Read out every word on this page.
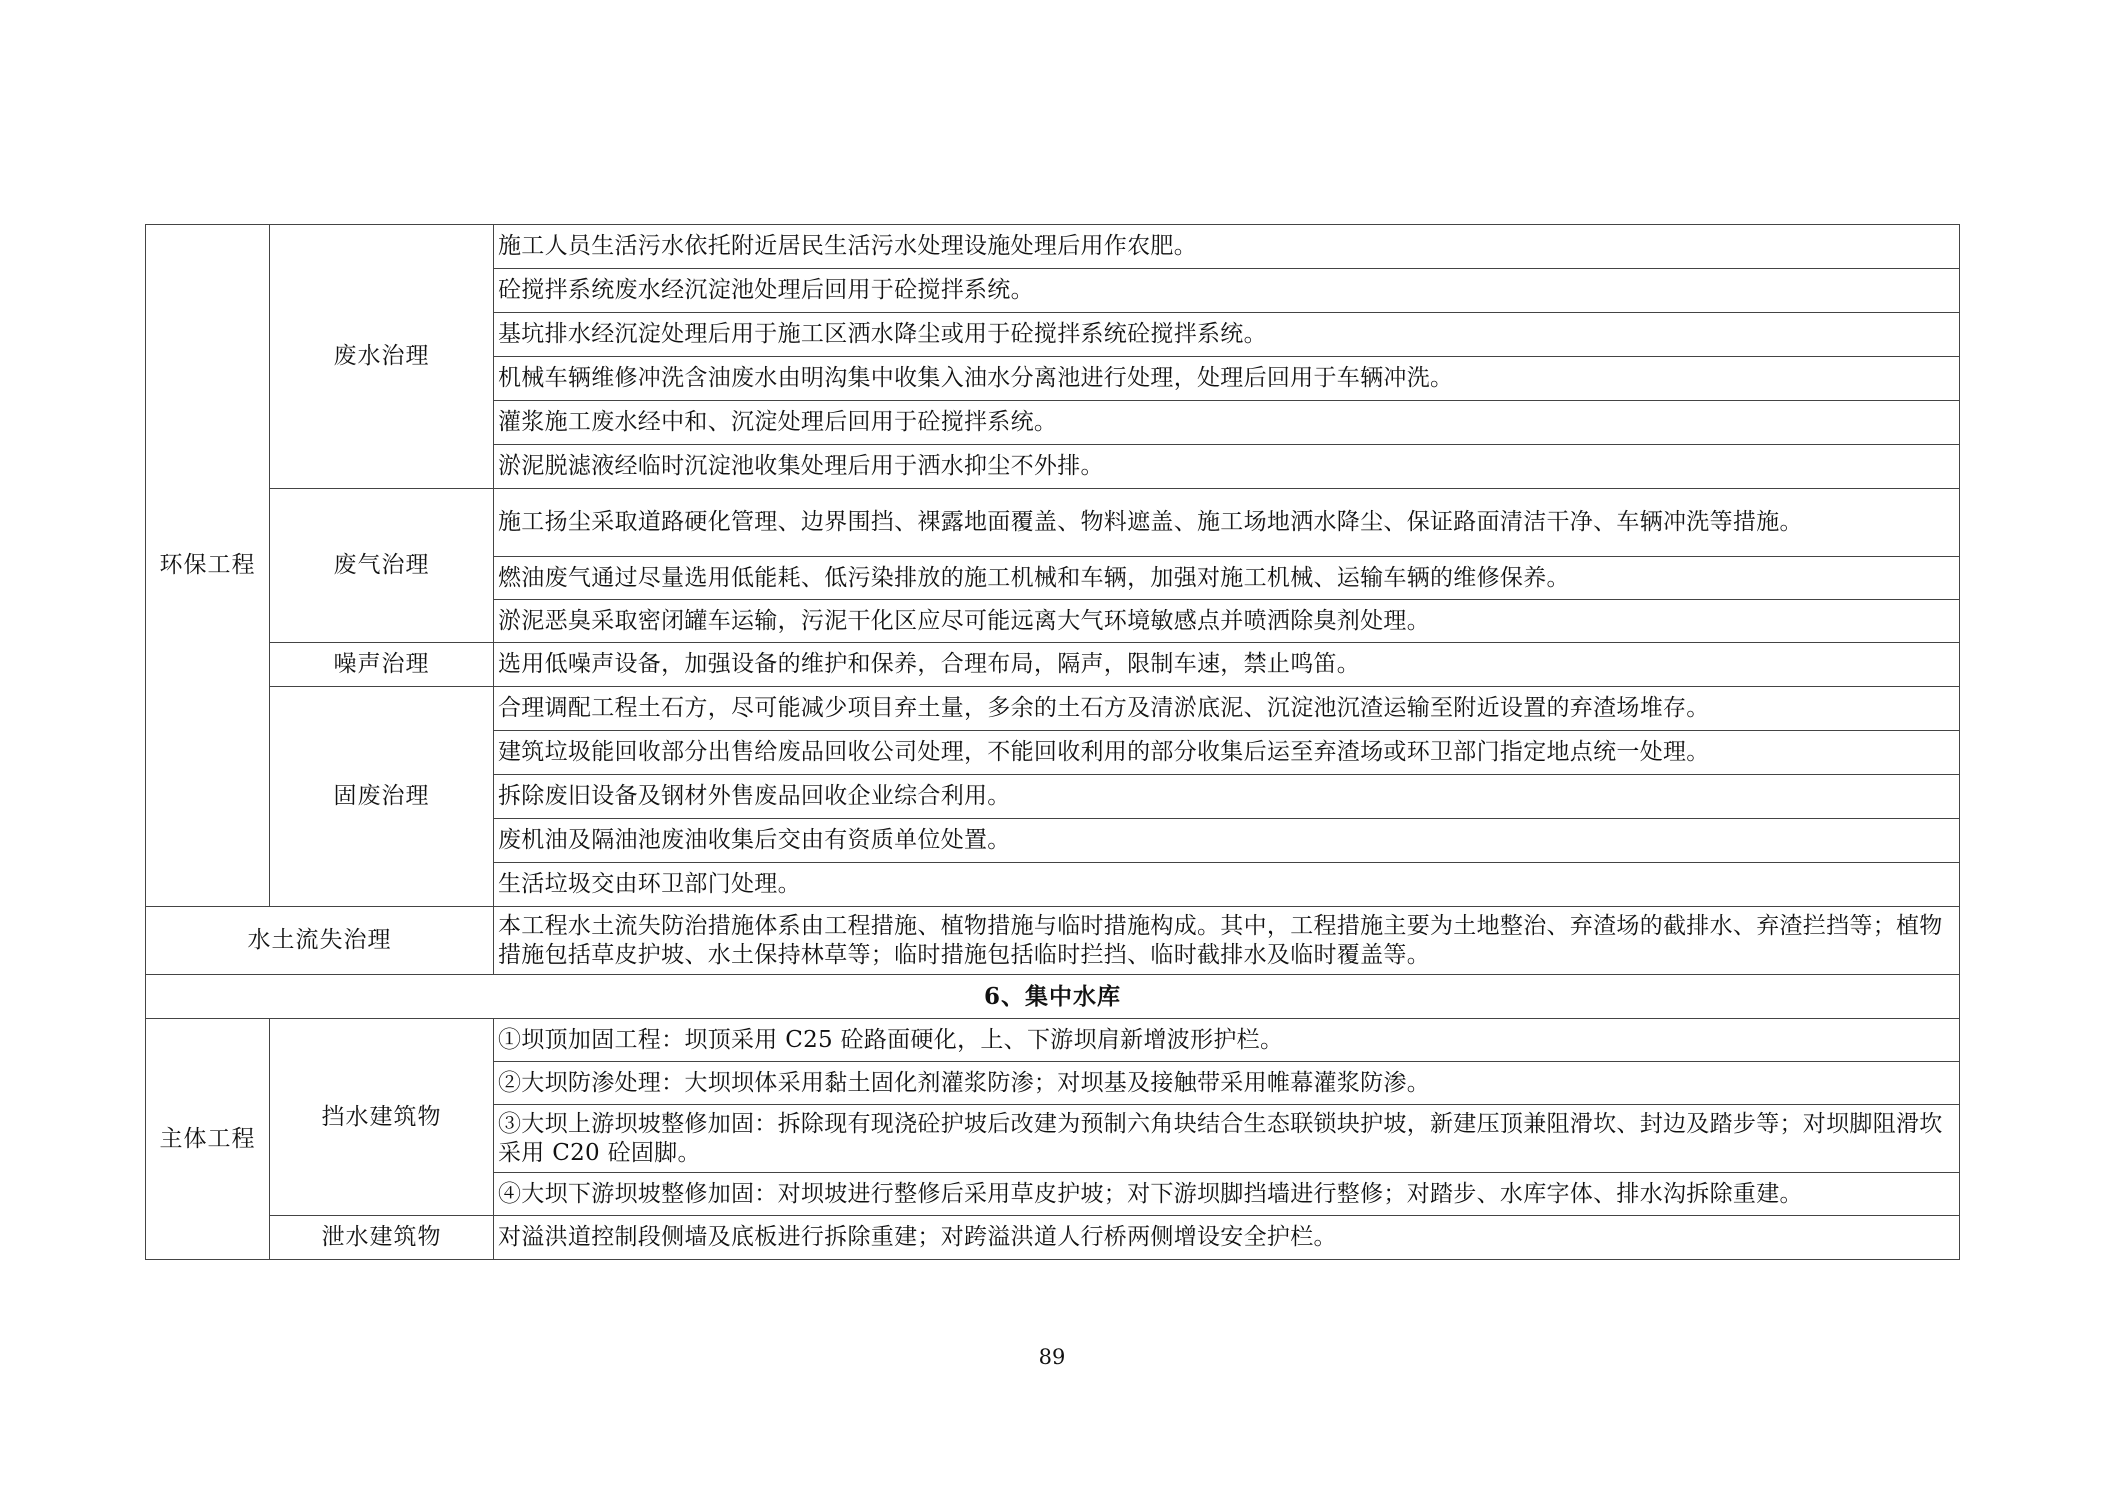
环保工程	废水治理	施工人员生活污水依托附近居民生活污水处理设施处理后用作农肥。
		砼搅拌系统废水经沉淀池处理后回用于砼搅拌系统。
		基坑排水经沉淀处理后用于施工区洒水降尘或用于砼搅拌系统砼搅拌系统。
		机械车辆维修冲洗含油废水由明沟集中收集入油水分离池进行处理，处理后回用于车辆冲洗。
		灌浆施工废水经中和、沉淀处理后回用于砼搅拌系统。
		淤泥脱滤液经临时沉淀池收集处理后用于洒水抑尘不外排。
	废气治理	施工扬尘采取道路硬化管理、边界围挡、裸露地面覆盖、物料遮盖、施工场地洒水降尘、保证路面清洁干净、车辆冲洗等措施。
		燃油废气通过尽量选用低能耗、低污染排放的施工机械和车辆，加强对施工机械、运输车辆的维修保养。
		淤泥恶臭采取密闭罐车运输，污泥干化区应尽可能远离大气环境敏感点并喷洒除臭剂处理。
	噪声治理	选用低噪声设备，加强设备的维护和保养，合理布局，隔声，限制车速，禁止鸣笛。
	固废治理	合理调配工程土石方，尽可能减少项目弃土量，多余的土石方及清淤底泥、沉淀池沉渣运输至附近设置的弃渣场堆存。
		建筑垃圾能回收部分出售给废品回收公司处理，不能回收利用的部分收集后运至弃渣场或环卫部门指定地点统一处理。
		拆除废旧设备及钢材外售废品回收企业综合利用。
		废机油及隔油池废油收集后交由有资质单位处置。
		生活垃圾交由环卫部门处理。
水土流失治理		本工程水土流失防治措施体系由工程措施、植物措施与临时措施构成。其中，工程措施主要为土地整治、弃渣场的截排水、弃渣拦挡等；植物措施包括草皮护坡、水土保持林草等；临时措施包括临时拦挡、临时截排水及临时覆盖等。
6、集中水库		
主体工程	挡水建筑物	①坝顶加固工程：坝顶采用 C25 砼路面硬化，上、下游坝肩新增波形护栏。
		②大坝防渗处理：大坝坝体采用黏土固化剂灌浆防渗；对坝基及接触带采用帷幕灌浆防渗。
		③大坝上游坝坡整修加固：拆除现有现浇砼护坡后改建为预制六角块结合生态联锁块护坡，新建压顶兼阻滑坎、封边及踏步等；对坝脚阻滑坎采用 C20 砼固脚。
		④大坝下游坝坡整修加固：对坝坡进行整修后采用草皮护坡；对下游坝脚挡墙进行整修；对踏步、水库字体、排水沟拆除重建。
	泄水建筑物	对溢洪道控制段侧墙及底板进行拆除重建；对跨溢洪道人行桥两侧增设安全护栏。
89
